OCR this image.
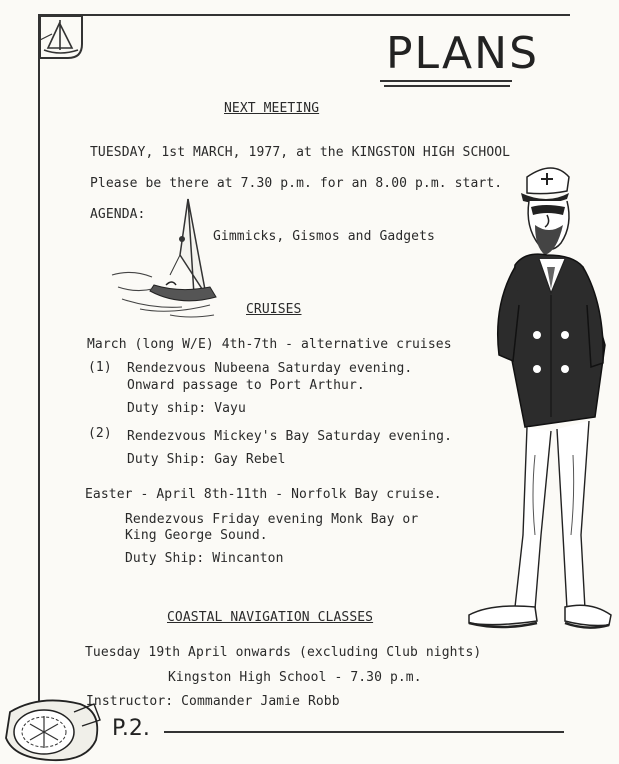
PLANS
NEXT MEETING
TUESDAY, 1st MARCH, 1977, at the KINGSTON HIGH SCHOOL
Please be there at 7.30 p.m. for an 8.00 p.m. start.
AGENDA:
Gimmicks, Gismos and Gadgets
CRUISES
March (long W/E) 4th-7th - alternative cruises
(1) Rendezvous Nubeena Saturday evening.
Onward passage to Port Arthur.
Duty ship: Vayu
(2) Rendezvous Mickey's Bay Saturday evening.
Duty Ship: Gay Rebel
Easter - April 8th-11th - Norfolk Bay cruise.
Rendezvous Friday evening Monk Bay or
King George Sound.
Duty Ship: Wincanton
COASTAL NAVIGATION CLASSES
Tuesday 19th April onwards (excluding Club nights)
Kingston High School - 7.30 p.m.
Instructor: Commander Jamie Robb
P.2.
